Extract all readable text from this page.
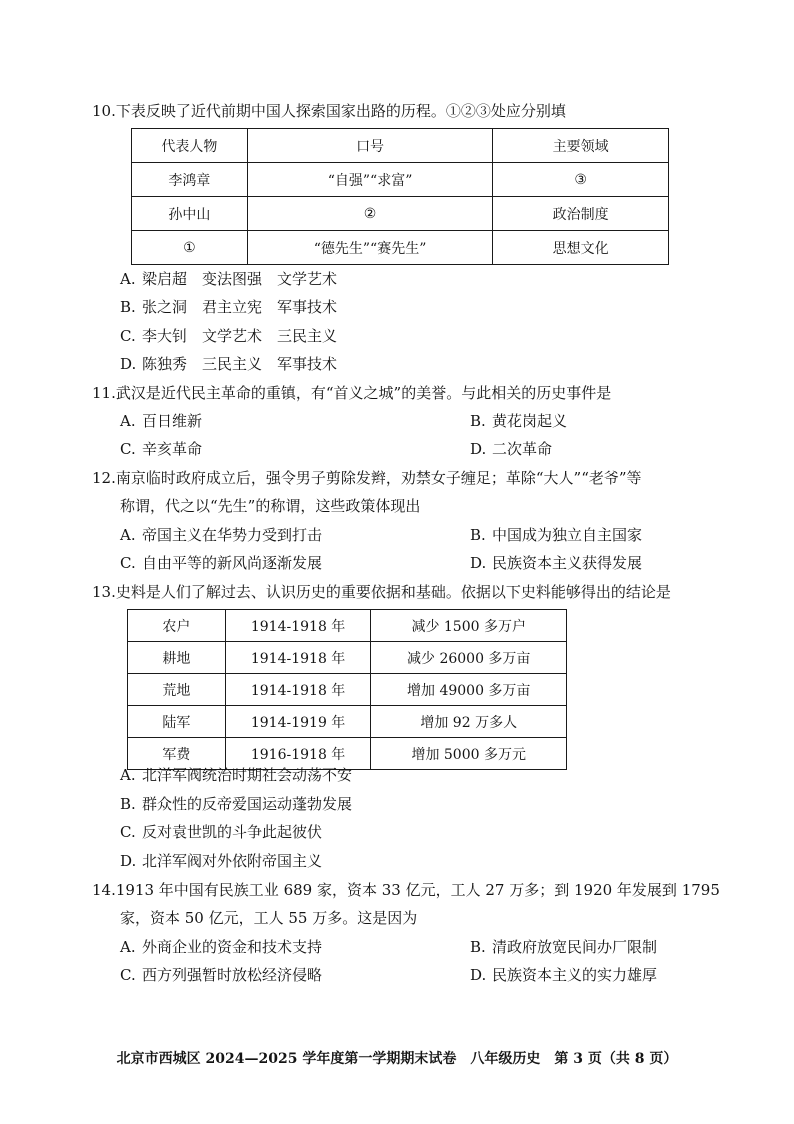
10.下表反映了近代前期中国人探索国家出路的历程。①②③处应分别填
代表人物	口号	主要领域
李鸿章	“自强”“求富”	③
孙中山	②	政治制度
①	“德先生”“赛先生”	思想文化
A. 梁启超　变法图强　文学艺术
B. 张之洞　君主立宪　军事技术
C. 李大钊　文学艺术　三民主义
D. 陈独秀　三民主义　军事技术
11.武汉是近代民主革命的重镇，有“首义之城”的美誉。与此相关的历史事件是
A. 百日维新	B. 黄花岗起义
C. 辛亥革命	D. 二次革命
12.南京临时政府成立后，强令男子剪除发辫，劝禁女子缠足；革除“大人”“老爷”等
称谓，代之以“先生”的称谓，这些政策体现出
A. 帝国主义在华势力受到打击	B. 中国成为独立自主国家
C. 自由平等的新风尚逐渐发展	D. 民族资本主义获得发展
13.史料是人们了解过去、认识历史的重要依据和基础。依据以下史料能够得出的结论是
农户	1914-1918 年	减少 1500 多万户
耕地	1914-1918 年	减少 26000 多万亩
荒地	1914-1918 年	增加 49000 多万亩
陆军	1914-1919 年	增加 92 万多人
军费	1916-1918 年	增加 5000 多万元
A. 北洋军阀统治时期社会动荡不安
B. 群众性的反帝爱国运动蓬勃发展
C. 反对袁世凯的斗争此起彼伏
D. 北洋军阀对外依附帝国主义
14.1913 年中国有民族工业 689 家，资本 33 亿元，工人 27 万多；到 1920 年发展到 1795
家，资本 50 亿元，工人 55 万多。这是因为
A. 外商企业的资金和技术支持	B. 清政府放宽民间办厂限制
C. 西方列强暂时放松经济侵略	D. 民族资本主义的实力雄厚
北京市西城区 2024—2025 学年度第一学期期末试卷　八年级历史　第 3 页（共 8 页）
